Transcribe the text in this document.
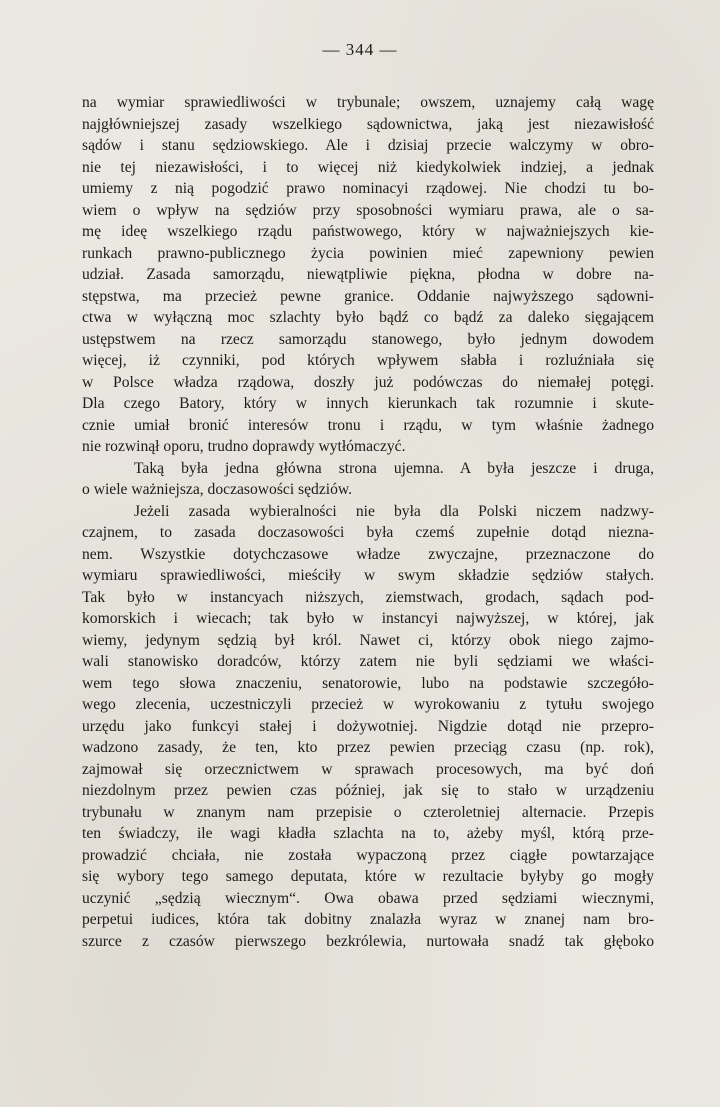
— 344 —
na wymiar sprawiedliwości w trybunale; owszem, uznajemy całą wagę
najgłówniejszej zasady wszelkiego sądownictwa, jaką jest niezawisłość
sądów i stanu sędziowskiego. Ale i dzisiaj przecie walczymy w obro-
nie tej niezawisłości, i to więcej niż kiedykolwiek indziej, a jednak
umiemy z nią pogodzić prawo nominacyi rządowej. Nie chodzi tu bo-
wiem o wpływ na sędziów przy sposobności wymiaru prawa, ale o sa-
mę ideę wszelkiego rządu państwowego, który w najważniejszych kie-
runkach prawno-publicznego życia powinien mieć zapewniony pewien
udział. Zasada samorządu, niewątpliwie piękna, płodna w dobre na-
stępstwa, ma przecież pewne granice. Oddanie najwyższego sądowni-
ctwa w wyłączną moc szlachty było bądź co bądź za daleko sięgającem
ustępstwem na rzecz samorządu stanowego, było jednym dowodem
więcej, iż czynniki, pod których wpływem słabła i rozluźniała się
w Polsce władza rządowa, doszły już podówczas do niemałej potęgi.
Dla czego Batory, który w innych kierunkach tak rozumnie i skute-
cznie umiał bronić interesów tronu i rządu, w tym właśnie żadnego
nie rozwinął oporu, trudno doprawdy wytłómaczyć.
Taką była jedna główna strona ujemna. A była jeszcze i druga,
o wiele ważniejsza, doczasowości sędziów.
Jeżeli zasada wybieralności nie była dla Polski niczem nadzwy-
czajnem, to zasada doczasowości była czemś zupełnie dotąd niezna-
nem. Wszystkie dotychczasowe władze zwyczajne, przeznaczone do
wymiaru sprawiedliwości, mieściły w swym składzie sędziów stałych.
Tak było w instancyach niższych, ziemstwach, grodach, sądach pod-
komorskich i wiecach; tak było w instancyi najwyższej, w której, jak
wiemy, jedynym sędzią był król. Nawet ci, którzy obok niego zajmo-
wali stanowisko doradców, którzy zatem nie byli sędziami we właści-
wem tego słowa znaczeniu, senatorowie, lubo na podstawie szczegóło-
wego zlecenia, uczestniczyli przecież w wyrokowaniu z tytułu swojego
urzędu jako funkcyi stałej i dożywotniej. Nigdzie dotąd nie przepro-
wadzono zasady, że ten, kto przez pewien przeciąg czasu (np. rok),
zajmował się orzecznictwem w sprawach procesowych, ma być doń
niezdolnym przez pewien czas później, jak się to stało w urządzeniu
trybunału w znanym nam przepisie o czteroletniej alternacie. Przepis
ten świadczy, ile wagi kładła szlachta na to, ażeby myśl, którą prze-
prowadzić chciała, nie została wypaczoną przez ciągłe powtarzające
się wybory tego samego deputata, które w rezultacie byłyby go mogły
uczynić „sędzią wiecznym“. Owa obawa przed sędziami wiecznymi,
perpetui iudices, która tak dobitny znalazła wyraz w znanej nam bro-
szurce z czasów pierwszego bezkrólewia, nurtowała snadź tak głęboko
